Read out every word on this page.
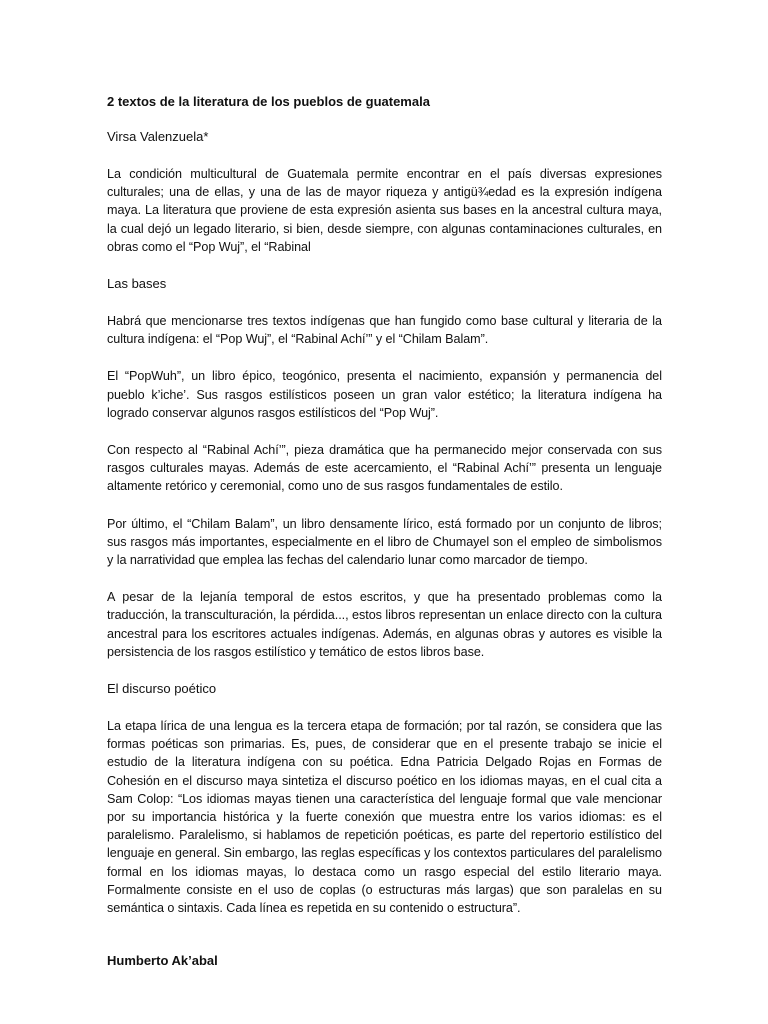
2 textos de la literatura de los pueblos de guatemala
Virsa Valenzuela*

La condición multicultural de Guatemala permite encontrar en el país diversas expresiones culturales; una de ellas, y una de las de mayor riqueza y antigü¾edad es la expresión indígena maya. La literatura que proviene de esta expresión asienta sus bases en la ancestral cultura maya, la cual dejó un legado literario, si bien, desde siempre, con algunas contaminaciones culturales, en obras como el “Pop Wuj”, el “Rabinal

Las bases

Habrá que mencionarse tres textos indígenas que han fungido como base cultural y literaria de la cultura indígena: el “Pop Wuj”, el “Rabinal Achí’” y el “Chilam Balam”.

El “PopWuh”, un libro épico, teogónico, presenta el nacimiento, expansión y permanencia del pueblo k’iche’. Sus rasgos estilísticos poseen un gran valor estético; la literatura indígena ha logrado conservar algunos rasgos estilísticos del “Pop Wuj”.

Con respecto al “Rabinal Achí’”, pieza dramática que ha permanecido mejor conservada con sus rasgos culturales mayas. Además de este acercamiento, el “Rabinal Achí’” presenta un lenguaje altamente retórico y ceremonial, como uno de sus rasgos fundamentales de estilo.

Por último, el “Chilam Balam”, un libro densamente lírico, está formado por un conjunto de libros; sus rasgos más importantes, especialmente en el libro de Chumayel son el empleo de simbolismos y la narratividad que emplea las fechas del calendario lunar como marcador de tiempo.

A pesar de la lejanía temporal de estos escritos, y que ha presentado problemas como la traducción, la transculturación, la pérdida..., estos libros representan un enlace directo con la cultura ancestral para los escritores actuales indígenas. Además, en algunas obras y autores es visible la persistencia de los rasgos estilístico y temático de estos libros base.

El discurso poético

La etapa lírica de una lengua es la tercera etapa de formación; por tal razón, se considera que las formas poéticas son primarias. Es, pues, de considerar que en el presente trabajo se inicie el estudio de la literatura indígena con su poética. Edna Patricia Delgado Rojas en Formas de Cohesión en el discurso maya sintetiza el discurso poético en los idiomas mayas, en el cual cita a Sam Colop: “Los idiomas mayas tienen una característica del lenguaje formal que vale mencionar por su importancia histórica y la fuerte conexión que muestra entre los varios idiomas: es el paralelismo. Paralelismo, si hablamos de repetición poéticas, es parte del repertorio estilístico del lenguaje en general. Sin embargo, las reglas específicas y los contextos particulares del paralelismo formal en los idiomas mayas, lo destaca como un rasgo especial del estilo literario maya. Formalmente consiste en el uso de coplas (o estructuras más largas) que son paralelas en su semántica o sintaxis. Cada línea es repetida en su contenido o estructura”.

Humberto Ak’abal
